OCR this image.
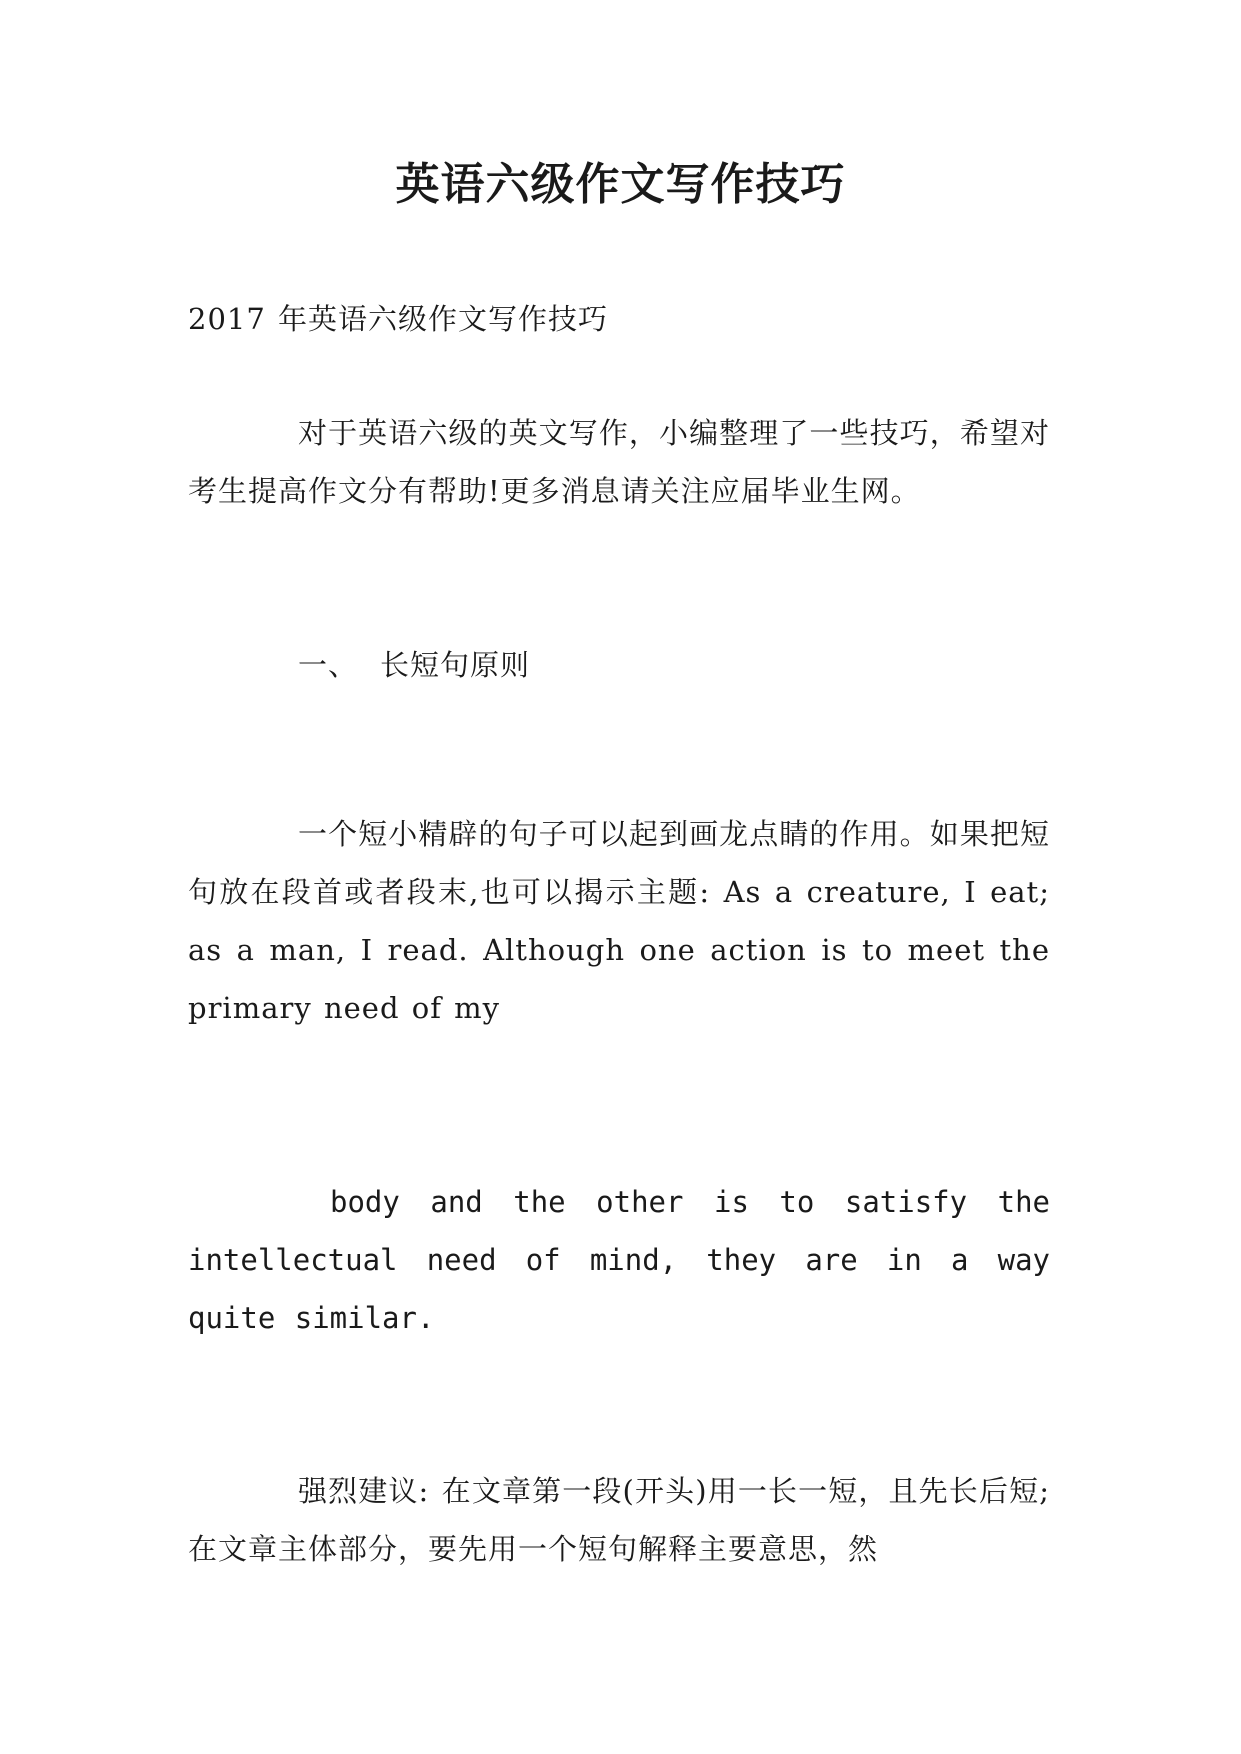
英语六级作文写作技巧

2017 年英语六级作文写作技巧

对于英语六级的英文写作，小编整理了一些技巧，希望对考生提高作文分有帮助!更多消息请关注应届毕业生网。

一、 长短句原则

一个短小精辟的句子可以起到画龙点睛的作用。如果把短句放在段首或者段末,也可以揭示主题: As a creature, I eat; as a man, I read. Although one action is to meet the primary need of my

body and the other is to satisfy the
intellectual need of mind, they are in a way quite similar.

强烈建议: 在文章第一段(开头)用一长一短，且先长后短;在文章主体部分，要先用一个短句解释主要意思，然
